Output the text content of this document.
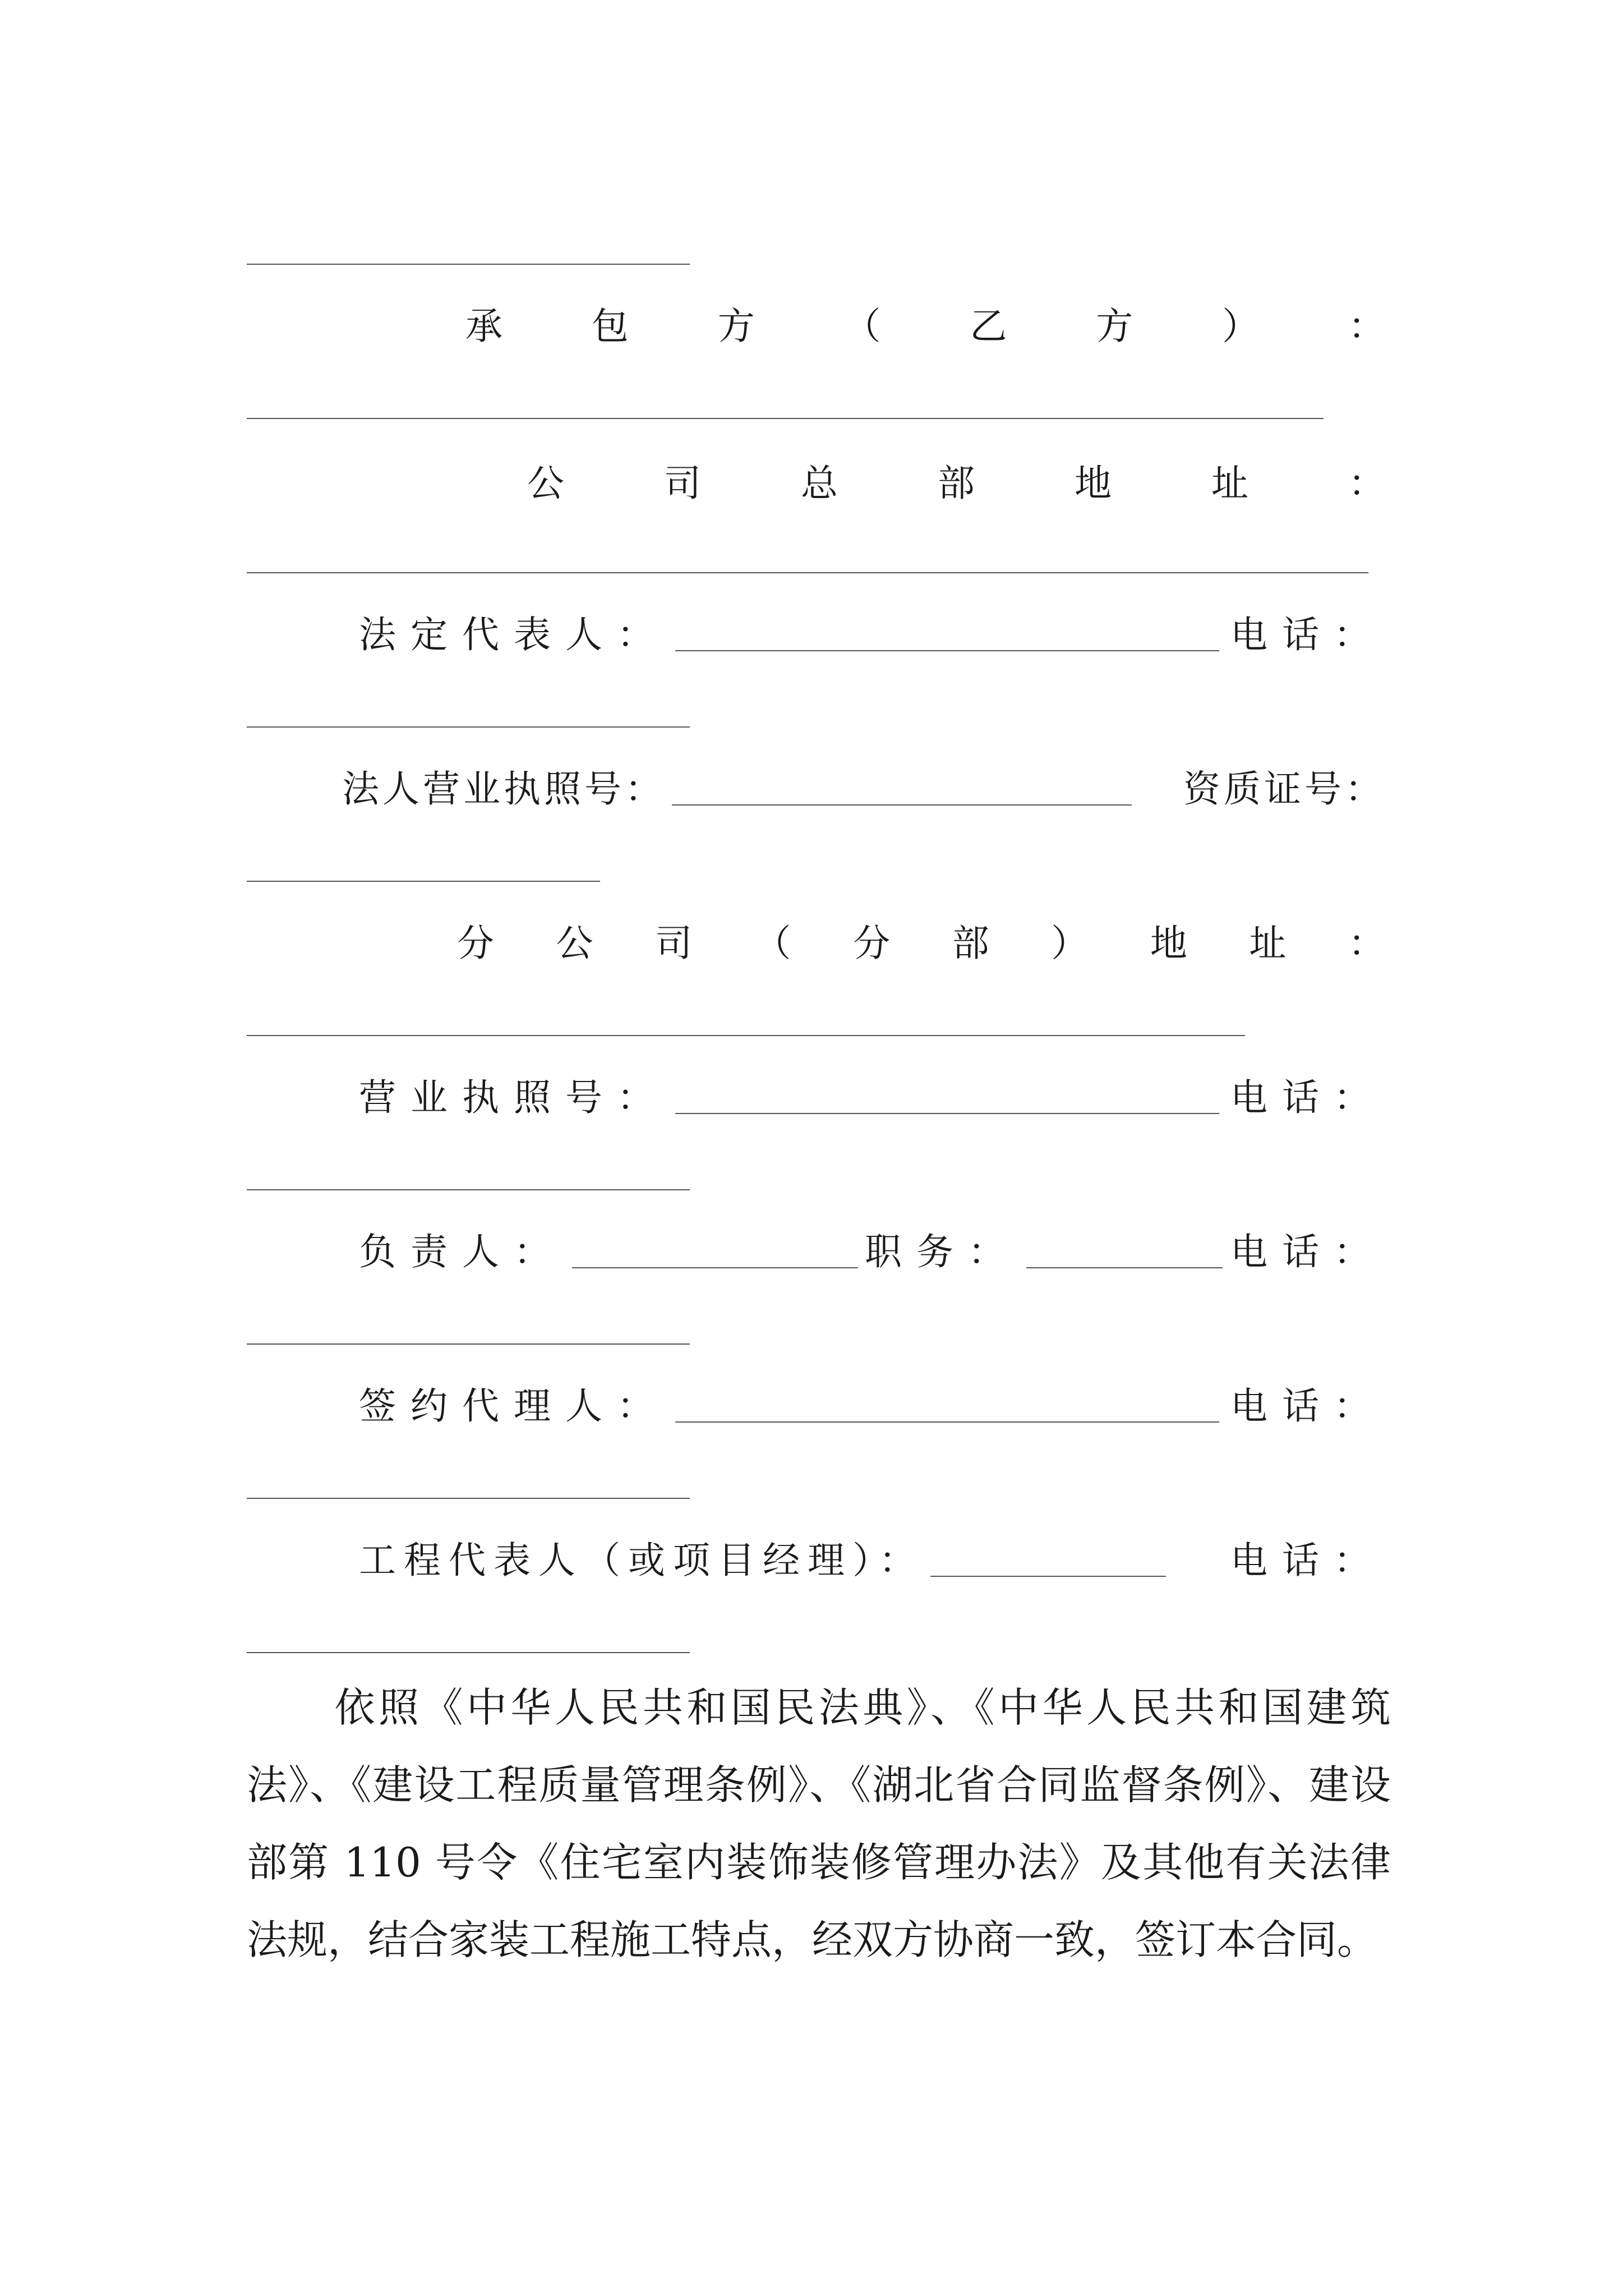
承 包 方 （ 乙 方 ） ：
公	司	总	部	地	址	：
法定代表人：	电话：
法人营业执照号：	资质证号：
分 公 司 （ 分 部 ） 地 址 ：
营业执照号：	电话：
负责人：	职务：	电话：
签约代理人：	电话：
工程代表人（或项目经理）：	电话：
依照《中华人民共和国民法典》、《中华人民共和国建筑法》、《建设工程质量管理条例》、《湖北省合同监督条例》、建设部第 110 号令《住宅室内装饰装修管理办法》及其他有关法律法规，结合家装工程施工特点，经双方协商一致，签订本合同。
